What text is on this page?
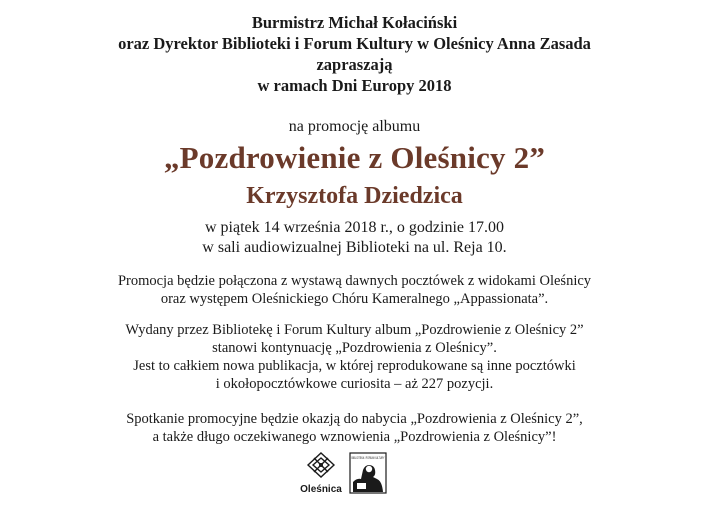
Burmistrz Michał Kołaciński
oraz Dyrektor Biblioteki i Forum Kultury w Oleśnicy Anna Zasada
zapraszają
w ramach Dni Europy 2018
na promocję albumu
„Pozdrowienie z Oleśnicy 2”
Krzysztofa Dziedzica
w piątek 14 września 2018 r., o godzinie 17.00
w sali audiowizualnej Biblioteki na ul. Reja 10.
Promocja będzie połączona z wystawą dawnych pocztówek z widokami Oleśnicy
oraz występem Oleśnickiego Chóru Kameralnego „Appassionata”.
Wydany przez Bibliotekę i Forum Kultury album „Pozdrowienie z Oleśnicy 2”
stanowi kontynuację „Pozdrowienia z Oleśnicy”.
Jest to całkiem nowa publikacja, w której reprodukowane są inne pocztówki
i okołopocztówkowe curiosita – aż 227 pozycji.
Spotkanie promocyjne będzie okazją do nabycia „Pozdrowienia z Oleśnicy 2”,
a także długo oczekiwanego wznowienia „Pozdrowienia z Oleśnicy”!
Oleśnica
BIBLIOTEKA I FORUM KULTURY
